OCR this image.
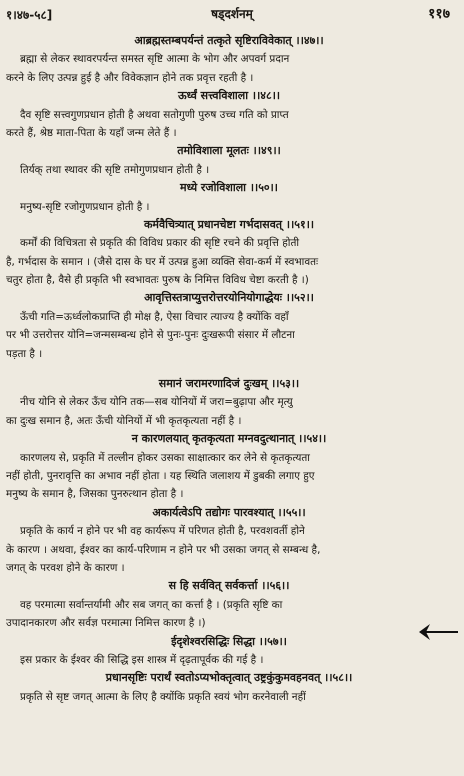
१।४७-५८]	षड्दर्शनम्	११७
आब्रह्मस्तम्बपर्यन्तं तत्कृते सृष्टिराविवेकात् ।।४७।।
ब्रह्मा से लेकर स्थावरपर्यन्त समस्त सृष्टि आत्मा के भोग और अपवर्ग प्रदान
करने के लिए उत्पन्न हुई है और विवेकज्ञान होने तक प्रवृत्त रहती है ।
ऊर्ध्वं सत्त्वविशाला ।।४८।।
दैव सृष्टि सत्त्वगुणप्रधान होती है अथवा सतोगुणी पुरुष उच्च गति को प्राप्त
करते हैं, श्रेष्ठ माता-पिता के यहाँ जन्म लेते हैं ।
तमोविशाला मूलतः ।।४९।।
तिर्यक् तथा स्थावर की सृष्टि तमोगुणप्रधान होती है ।
मध्ये रजोविशाला ।।५०।।
मनुष्य-सृष्टि रजोगुणप्रधान होती है ।
कर्मवैचित्र्यात् प्रधानचेष्टा गर्भदासवत् ।।५१।।
कर्मों की विचित्रता से प्रकृति की विविध प्रकार की सृष्टि रचने की प्रवृत्ति होती
है, गर्भदास के समान । (जैसे दास के घर में उत्पन्न हुआ व्यक्ति सेवा-कर्म में स्वभावतः
चतुर होता है, वैसे ही प्रकृति भी स्वभावतः पुरुष के निमित्त विविध चेष्टा करती है ।)
आवृत्तिस्तत्राप्युत्तरोत्तरयोनियोगाद्धेयः ।।५२।।
ऊँची गति=ऊर्ध्वलोकप्राप्ति ही मोक्ष है, ऐसा विचार त्याज्य है क्योंकि वहाँ
पर भी उत्तरोत्तर योनि=जन्मसम्बन्ध होने से पुनः-पुनः दुःखरूपी संसार में लौटना
पड़ता है ।
समानं जरामरणादिजं दुःखम् ।।५३।।
नीच योनि से लेकर ऊँच योनि तक—सब योनियों में जरा=बुढ़ापा और मृत्यु
का दुःख समान है, अतः ऊँची योनियों में भी कृतकृत्यता नहीं है ।
न कारणलयात् कृतकृत्यता मग्नवदुत्थानात् ।।५४।।
कारणलय से, प्रकृति में तल्लीन होकर उसका साक्षात्कार कर लेने से कृतकृत्यता
नहीं होती, पुनरावृत्ति का अभाव नहीं होता । यह स्थिति जलाशय में डुबकी लगाए हुए
मनुष्य के समान है, जिसका पुनरुत्थान होता है ।
अकार्यत्वेऽपि तद्योगः पारवश्यात् ।।५५।।
प्रकृति के कार्य न होने पर भी वह कार्यरूप में परिणत होती है, परवशवर्ती होने
के कारण । अथवा, ईश्वर का कार्य-परिणाम न होने पर भी उसका जगत् से सम्बन्ध है,
जगत् के परवश होने के कारण ।
स हि सर्ववित् सर्वकर्त्ता ।।५६।।
वह परमात्मा सर्वान्तर्यामी और सब जगत् का कर्त्ता है । (प्रकृति सृष्टि का
उपादानकारण और सर्वज्ञ परमात्मा निमित्त कारण है ।)
ईदृशेश्वरसिद्धिः सिद्धा ।।५७।।
इस प्रकार के ईश्वर की सिद्धि इस शास्त्र में दृढ़तापूर्वक की गई है ।
प्रधानसृष्टिः परार्थं स्वतोऽप्यभोक्तृत्वात् उष्ट्रकुंकुमवहनवत् ।।५८।।
प्रकृति से सृष्ट जगत् आत्मा के लिए है क्योंकि प्रकृति स्वयं भोग करनेवाली नहीं
